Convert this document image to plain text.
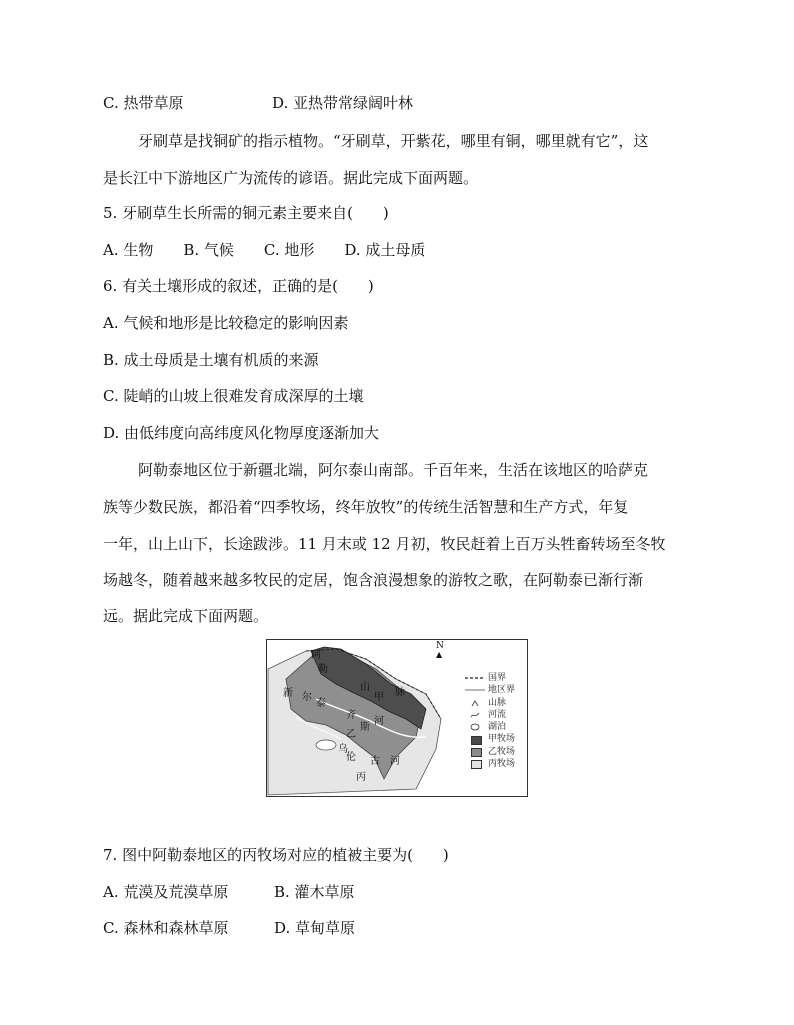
C. 热带草原	D. 亚热带常绿阔叶林
牙刷草是找铜矿的指示植物。“牙刷草，开紫花，哪里有铜，哪里就有它”，这
是长江中下游地区广为流传的谚语。据此完成下面两题。
5. 牙刷草生长所需的铜元素主要来自(　　)
A. 生物　　B. 气候　　C. 地形　　D. 成土母质
6. 有关土壤形成的叙述，正确的是(　　)
A. 气候和地形是比较稳定的影响因素
B. 成土母质是土壤有机质的来源
C. 陡峭的山坡上很难发育成深厚的土壤
D. 由低纬度向高纬度风化物厚度逐渐加大
阿勒泰地区位于新疆北端，阿尔泰山南部。千百年来，生活在该地区的哈萨克
族等少数民族，都沿着“四季牧场，终年放牧”的传统生活智慧和生产方式，年复
一年，山上山下，长途跋涉。11 月末或 12 月初，牧民赶着上百万头牲畜转场至冬牧
场越冬，随着越来越多牧民的定居，饱含浪漫想象的游牧之歌，在阿勒泰已渐行渐
远。据此完成下面两题。
阿
勒
新 尔
泰
山
甲 脉
齐
斯
河
乙
乌
伦 古 河
丙
N
▲
国界
地区界
山脉
河流
湖泊
甲牧场
乙牧场
丙牧场
7. 图中阿勒泰地区的丙牧场对应的植被主要为(　　)
A. 荒漠及荒漠草原	B. 灌木草原
C. 森林和森林草原	D. 草甸草原
